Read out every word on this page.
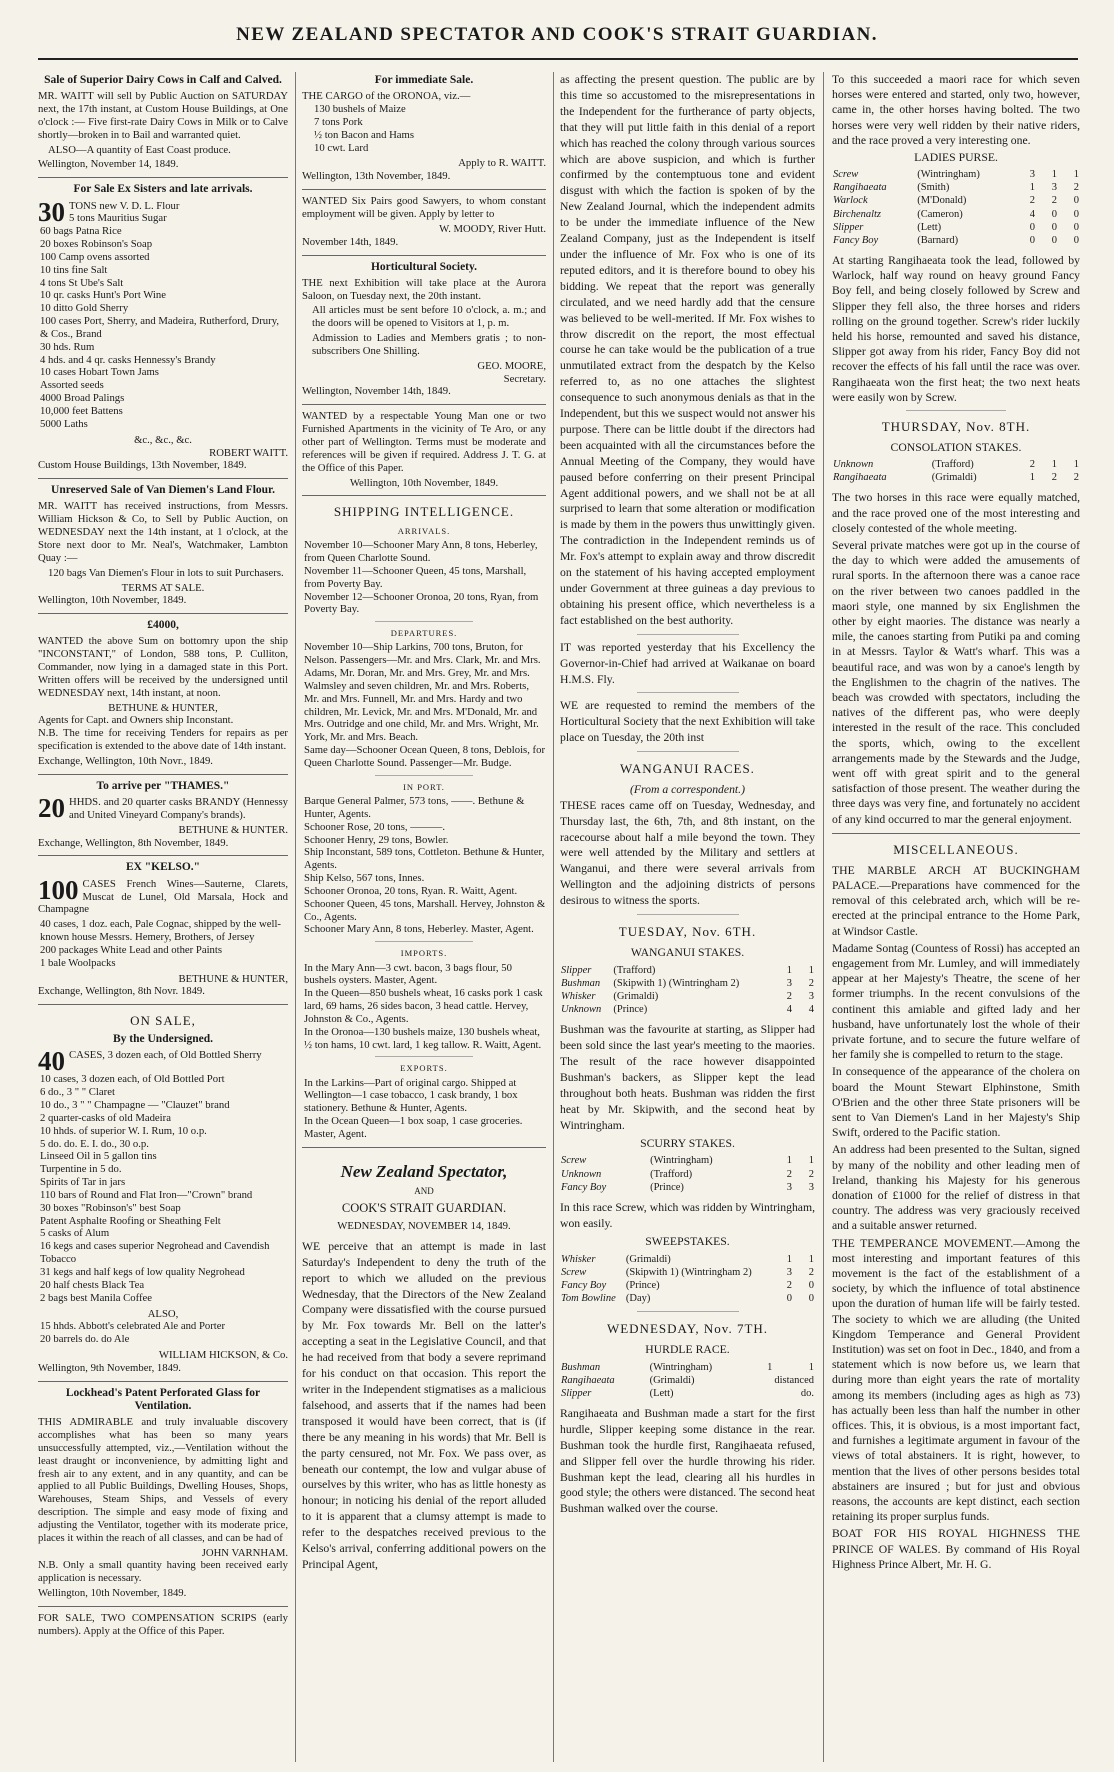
NEW ZEALAND SPECTATOR AND COOK'S STRAIT GUARDIAN.
Sale of Superior Dairy Cows in Calf and Calved.

MR. WAITT will sell by Public Auction on SATURDAY next, the 17th instant, at Custom House Buildings, at One o'clock :— Five first-rate Dairy Cows in Milk or to Calve shortly—broken in to Bail and warranted quiet.

ALSO—A quantity of East Coast produce.

Wellington, November 14, 1849.
For Sale Ex Sisters and late arrivals.
30 TONS new V. D. L. Flour
5 tons Mauritius Sugar
60 bags Patna Rice
20 boxes Robinson's Soap
100 Camp ovens assorted
10 tins fine Salt
4 tons St Ube's Salt
10 qr. casks Hunt's Port Wine
10 ditto Gold Sherry
100 cases Port, Sherry, and Madeira, Rutherford, Drury, & Cos., Brand
30 hds. Rum
4 hds. and 4 qr. casks Hennessy's Brandy
10 cases Hobart Town Jams
Assorted seeds
4000 Broad Palings
10,000 feet Battens
5000 Laths
&c., &c., &c.
ROBERT WAITT.
Custom House Buildings, 13th November, 1849.
Unreserved Sale of Van Diemen's Land Flour.

MR. WAITT has received instructions, from Messrs. William Hickson & Co, to Sell by Public Auction, on WEDNESDAY next the 14th instant, at 1 o'clock, at the Store next door to Mr. Neal's, Watchmaker, Lambton Quay :—

120 bags Van Diemen's Flour in lots to suit Purchasers.

TERMS AT SALE.
Wellington, 10th November, 1849.
£4000,

WANTED the above Sum on bottomry upon the ship "INCONSTANT," of London, 588 tons, P. Culliton, Commander, now lying in a damaged state in this Port. Written offers will be received by the undersigned until WEDNESDAY next, 14th instant, at noon.

BETHUNE & HUNTER,
Agents for Capt. and Owners ship Inconstant.

N.B. The time for receiving Tenders for repairs as per specification is extended to the above date of 14th instant.

Exchange, Wellington, 10th Novr., 1849.
To arrive per "THAMES."

20 HHDS. and 20 quarter casks BRANDY (Hennessy and United Vineyard Company's brands).

BETHUNE & HUNTER.
Exchange, Wellington, 8th November, 1849.
EX "KELSO."

100 CASES French Wines—Sauterne, Clarets, Muscat de Lunel, Old Marsala, Hock and Champagne

40 cases, 1 doz. each, Pale Cognac, shipped by the well-known house Messrs. Hemery, Brothers, of Jersey
200 packages White Lead and other Paints
1 bale Woolpacks
BETHUNE & HUNTER,
Exchange, Wellington, 8th Novr. 1849.
ON SALE,
By the Undersigned.

40 CASES, 3 dozen each, of Old Bottled Sherry

10 cases, 3 dozen each, of Old Bottled Port
6 do., 3 " " Claret
10 do., 3 " " Champagne — "Clauzet" brand
2 quarter-casks of old Madeira
10 hhds. of superior W. I. Rum, 10 o.p.
5 do. do. E. I. do., 30 o.p.
Linseed Oil in 5 gallon tins
Turpentine in 5 do.
Spirits of Tar in jars
110 bars of Round and Flat Iron—"Crown" brand
30 boxes "Robinson's" best Soap
Patent Asphalte Roofing or Sheathing Felt
5 casks of Alum
16 kegs and cases superior Negrohead and Cavendish Tobacco
31 kegs and half kegs of low quality Negrohead
20 half chests Black Tea
2 bags best Manila Coffee
ALSO,
15 hhds. Abbott's celebrated Ale and Porter
20 barrels do. do Ale
WILLIAM HICKSON, & Co.
Wellington, 9th November, 1849.
Lockhead's Patent Perforated Glass for Ventilation.

THIS ADMIRABLE and truly invaluable discovery accomplishes what has been so many years unsuccessfully attempted, viz.,—Ventilation without the least draught or inconvenience, by admitting light and fresh air to any extent, and in any quantity, and can be applied to all Public Buildings, Dwelling Houses, Shops, Warehouses, Steam Ships, and Vessels of every description. The simple and easy mode of fixing and adjusting the Ventilator, together with its moderate price, places it within the reach of all classes, and can be had of

JOHN VARNHAM.

N.B. Only a small quantity having been received early application is necessary.

Wellington, 10th November, 1849.

FOR SALE, TWO COMPENSATION SCRIPS (early numbers). Apply at the Office of this Paper.

For immediate Sale.
THE CARGO of the ORONOA, viz.—
130 bushels of Maize
7 tons Pork
½ ton Bacon and Hams
10 cwt. Lard
Apply to R. WAITT.
Wellington, 13th November, 1849.

WANTED Six Pairs good Sawyers, to whom constant employment will be given. Apply by letter to

W. MOODY, River Hutt.
November 14th, 1849.
Horticultural Society.

THE next Exhibition will take place at the Aurora Saloon, on Tuesday next, the 20th instant.

All articles must be sent before 10 o'clock, a. m.; and the doors will be opened to Visitors at 1, p. m.

Admission to Ladies and Members gratis ; to non-subscribers One Shilling.

GEO. MOORE,
Secretary.
Wellington, November 14th, 1849.

WANTED by a respectable Young Man one or two Furnished Apartments in the vicinity of Te Aro, or any other part of Wellington. Terms must be moderate and references will be given if required. Address J. T. G. at the Office of this Paper.

Wellington, 10th November, 1849.
SHIPPING INTELLIGENCE.
ARRIVALS.
November 10—Schooner Mary Ann, 8 tons, Heberley, from Queen Charlotte Sound.
November 11—Schooner Queen, 45 tons, Marshall, from Poverty Bay.
November 12—Schooner Oronoa, 20 tons, Ryan, from Poverty Bay.
DEPARTURES.
November 10—Ship Larkins, 700 tons, Bruton, for Nelson. Passengers—Mr. and Mrs. Clark, Mr. and Mrs. Adams, Mr. Doran, Mr. and Mrs. Grey, Mr. and Mrs. Walmsley and seven children, Mr. and Mrs. Roberts, Mr. and Mrs. Funnell, Mr. and Mrs. Hardy and two children, Mr. Levick, Mr. and Mrs. M'Donald, Mr. and Mrs. Outridge and one child, Mr. and Mrs. Wright, Mr. York, Mr. and Mrs. Beach.
Same day—Schooner Ocean Queen, 8 tons, Deblois, for Queen Charlotte Sound. Passenger—Mr. Budge.
IN PORT.
Barque General Palmer, 573 tons, ——. Bethune & Hunter, Agents.
Schooner Rose, 20 tons, ———.
Schooner Henry, 29 tons, Bowler.
Ship Inconstant, 589 tons, Cottleton. Bethune & Hunter, Agents.
Ship Kelso, 567 tons, Innes.
Schooner Oronoa, 20 tons, Ryan. R. Waitt, Agent.
Schooner Queen, 45 tons, Marshall. Hervey, Johnston & Co., Agents.
Schooner Mary Ann, 8 tons, Heberley. Master, Agent.
IMPORTS.
In the Mary Ann—3 cwt. bacon, 3 bags flour, 50 bushels oysters. Master, Agent.
In the Queen—850 bushels wheat, 16 casks pork 1 cask lard, 69 hams, 26 sides bacon, 3 head cattle. Hervey, Johnston & Co., Agents.
In the Oronoa—130 bushels maize, 130 bushels wheat, ½ ton hams, 10 cwt. lard, 1 keg tallow. R. Waitt, Agent.
EXPORTS.
In the Larkins—Part of original cargo. Shipped at Wellington—1 case tobacco, 1 cask brandy, 1 box stationery. Bethune & Hunter, Agents.
In the Ocean Queen—1 box soap, 1 case groceries. Master, Agent.
New Zealand Spectator,
AND
COOK'S STRAIT GUARDIAN.
WEDNESDAY, NOVEMBER 14, 1849.

WE perceive that an attempt is made in last Saturday's Independent to deny the truth of the report to which we alluded on the previous Wednesday, that the Directors of the New Zealand Company were dissatisfied with the course pursued by Mr. Fox towards Mr. Bell on the latter's accepting a seat in the Legislative Council, and that he had received from that body a severe reprimand for his conduct on that occasion. This report the writer in the Independent stigmatises as a malicious falsehood, and asserts that if the names had been transposed it would have been correct, that is (if there be any meaning in his words) that Mr. Bell is the party censured, not Mr. Fox. We pass over, as beneath our contempt, the low and vulgar abuse of ourselves by this writer, who has as little honesty as honour; in noticing his denial of the report alluded to it is apparent that a clumsy attempt is made to refer to the despatches received previous to the Kelso's arrival, conferring additional powers on the Principal Agent,

as affecting the present question. The public are by this time so accustomed to the misrepresentations in the Independent for the furtherance of party objects, that they will put little faith in this denial of a report which has reached the colony through various sources which are above suspicion, and which is further confirmed by the contemptuous tone and evident disgust with which the faction is spoken of by the New Zealand Journal, which the independent admits to be under the immediate influence of the New Zealand Company, just as the Independent is itself under the influence of Mr. Fox who is one of its reputed editors, and it is therefore bound to obey his bidding. We repeat that the report was generally circulated, and we need hardly add that the censure was believed to be well-merited. If Mr. Fox wishes to throw discredit on the report, the most effectual course he can take would be the publication of a true unmutilated extract from the despatch by the Kelso referred to, as no one attaches the slightest consequence to such anonymous denials as that in the Independent, but this we suspect would not answer his purpose. There can be little doubt if the directors had been acquainted with all the circumstances before the Annual Meeting of the Company, they would have paused before conferring on their present Principal Agent additional powers, and we shall not be at all surprised to learn that some alteration or modification is made by them in the powers thus unwittingly given. The contradiction in the Independent reminds us of Mr. Fox's attempt to explain away and throw discredit on the statement of his having accepted employment under Government at three guineas a day previous to obtaining his present office, which nevertheless is a fact established on the best authority.

IT was reported yesterday that his Excellency the Governor-in-Chief had arrived at Waikanae on board H.M.S. Fly.

WE are requested to remind the members of the Horticultural Society that the next Exhibition will take place on Tuesday, the 20th inst

WANGANUI RACES.
(From a correspondent.)

THESE races came off on Tuesday, Wednesday, and Thursday last, the 6th, 7th, and 8th instant, on the racecourse about half a mile beyond the town. They were well attended by the Military and settlers at Wanganui, and there were several arrivals from Wellington and the adjoining districts of persons desirous to witness the sports.

TUESDAY, Nov. 6TH.
WANGANUI STAKES.
Slipper	(Trafford)	1	1
Bushman	(Skipwith 1) (Wintringham 2)	3	2
Whisker	(Grimaldi)	2	3
Unknown	(Prince)	4	4

Bushman was the favourite at starting, as Slipper had been sold since the last year's meeting to the maories. The result of the race however disappointed Bushman's backers, as Slipper kept the lead throughout both heats. Bushman was ridden the first heat by Mr. Skipwith, and the second heat by Wintringham.

SCURRY STAKES.
Screw	(Wintringham)	1	1
Unknown	(Trafford)	2	2
Fancy Boy	(Prince)	3	3

In this race Screw, which was ridden by Wintringham, won easily.

SWEEPSTAKES.
Whisker	(Grimaldi)	1	1
Screw	(Skipwith 1) (Wintringham 2)	3	2
Fancy Boy	(Prince)	2	0
Tom Bowline	(Day)	0	0
WEDNESDAY, Nov. 7TH.
HURDLE RACE.
Bushman	(Wintringham)	1	1
Rangihaeata	(Grimaldi)		distanced
Slipper	(Lett)		do.

Rangihaeata and Bushman made a start for the first hurdle, Slipper keeping some distance in the rear. Bushman took the hurdle first, Rangihaeata refused, and Slipper fell over the hurdle throwing his rider. Bushman kept the lead, clearing all his hurdles in good style; the others were distanced. The second heat Bushman walked over the course.

To this succeeded a maori race for which seven horses were entered and started, only two, however, came in, the other horses having bolted. The two horses were very well ridden by their native riders, and the race proved a very interesting one.

LADIES PURSE.
Screw	(Wintringham)	3	1	1
Rangihaeata	(Smith)	1	3	2
Warlock	(M'Donald)	2	2	0
Birchenaltz	(Cameron)	4	0	0
Slipper	(Lett)	0	0	0
Fancy Boy	(Barnard)	0	0	0

At starting Rangihaeata took the lead, followed by Warlock, half way round on heavy ground Fancy Boy fell, and being closely followed by Screw and Slipper they fell also, the three horses and riders rolling on the ground together. Screw's rider luckily held his horse, remounted and saved his distance, Slipper got away from his rider, Fancy Boy did not recover the effects of his fall until the race was over. Rangihaeata won the first heat; the two next heats were easily won by Screw.

THURSDAY, Nov. 8TH.
CONSOLATION STAKES.
Unknown	(Trafford)	2	1	1
Rangihaeata	(Grimaldi)	1	2	2

The two horses in this race were equally matched, and the race proved one of the most interesting and closely contested of the whole meeting.

Several private matches were got up in the course of the day to which were added the amusements of rural sports. In the afternoon there was a canoe race on the river between two canoes paddled in the maori style, one manned by six Englishmen the other by eight maories. The distance was nearly a mile, the canoes starting from Putiki pa and coming in at Messrs. Taylor & Watt's wharf. This was a beautiful race, and was won by a canoe's length by the Englishmen to the chagrin of the natives. The beach was crowded with spectators, including the natives of the different pas, who were deeply interested in the result of the race. This concluded the sports, which, owing to the excellent arrangements made by the Stewards and the Judge, went off with great spirit and to the general satisfaction of those present. The weather during the three days was very fine, and fortunately no accident of any kind occurred to mar the general enjoyment.

MISCELLANEOUS.

THE MARBLE ARCH AT BUCKINGHAM PALACE.—Preparations have commenced for the removal of this celebrated arch, which will be re-erected at the principal entrance to the Home Park, at Windsor Castle.

Madame Sontag (Countess of Rossi) has accepted an engagement from Mr. Lumley, and will immediately appear at her Majesty's Theatre, the scene of her former triumphs. In the recent convulsions of the continent this amiable and gifted lady and her husband, have unfortunately lost the whole of their private fortune, and to secure the future welfare of her family she is compelled to return to the stage.

In consequence of the appearance of the cholera on board the Mount Stewart Elphinstone, Smith O'Brien and the other three State prisoners will be sent to Van Diemen's Land in her Majesty's Ship Swift, ordered to the Pacific station.

An address had been presented to the Sultan, signed by many of the nobility and other leading men of Ireland, thanking his Majesty for his generous donation of £1000 for the relief of distress in that country. The address was very graciously received and a suitable answer returned.

THE TEMPERANCE MOVEMENT.—Among the most interesting and important features of this movement is the fact of the establishment of a society, by which the influence of total abstinence upon the duration of human life will be fairly tested. The society to which we are alluding (the United Kingdom Temperance and General Provident Institution) was set on foot in Dec., 1840, and from a statement which is now before us, we learn that during more than eight years the rate of mortality among its members (including ages as high as 73) has actually been less than half the number in other offices. This, it is obvious, is a most important fact, and furnishes a legitimate argument in favour of the views of total abstainers. It is right, however, to mention that the lives of other persons besides total abstainers are insured ; but for just and obvious reasons, the accounts are kept distinct, each section retaining its proper surplus funds.

BOAT FOR HIS ROYAL HIGHNESS THE PRINCE OF WALES. By command of His Royal Highness Prince Albert, Mr. H. G.
